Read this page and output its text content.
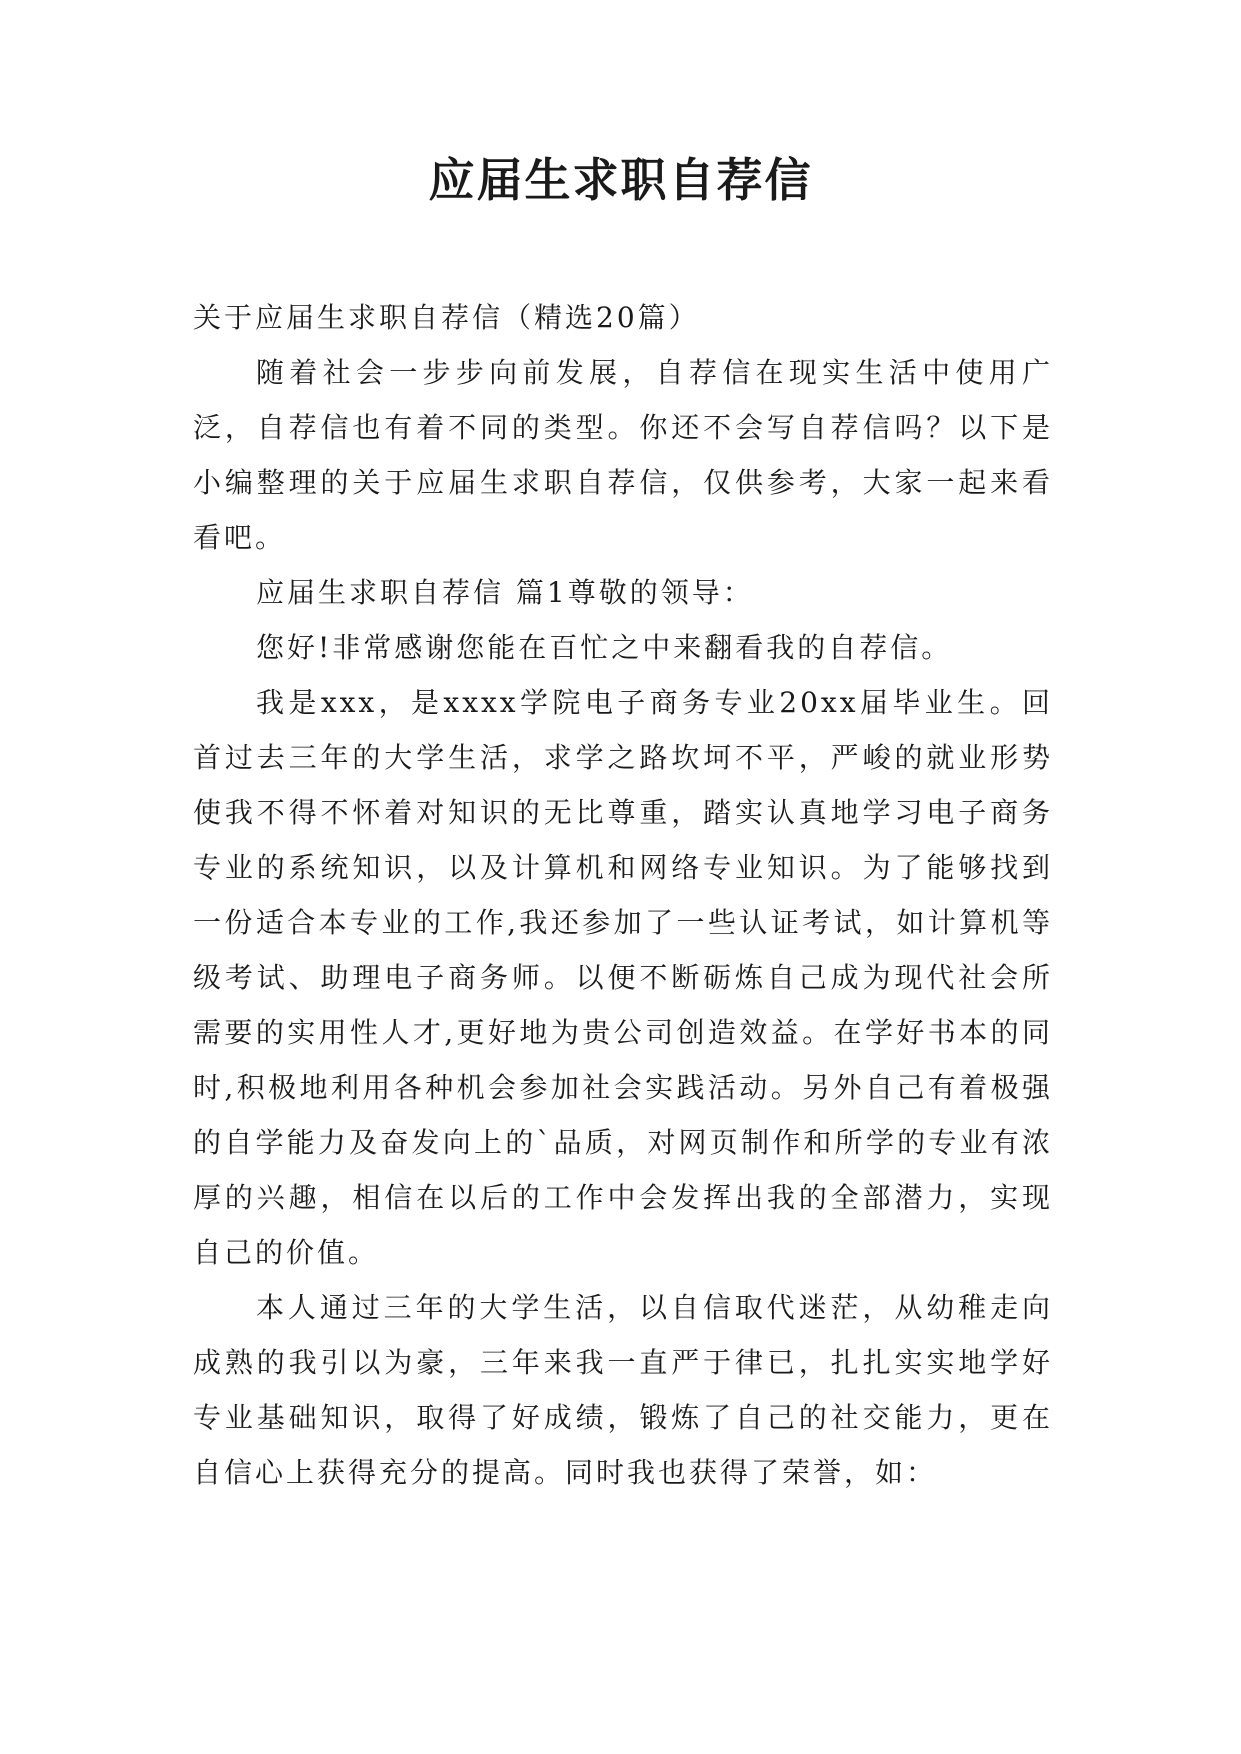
应届生求职自荐信

关于应届生求职自荐信（精选20篇）

随着社会一步步向前发展，自荐信在现实生活中使用广泛，自荐信也有着不同的类型。你还不会写自荐信吗？以下是小编整理的关于应届生求职自荐信，仅供参考，大家一起来看看吧。

应届生求职自荐信 篇1尊敬的领导：

您好!非常感谢您能在百忙之中来翻看我的自荐信。

我是xxx，是xxxx学院电子商务专业20xx届毕业生。回首过去三年的大学生活，求学之路坎坷不平，严峻的就业形势使我不得不怀着对知识的无比尊重，踏实认真地学习电子商务专业的系统知识，以及计算机和网络专业知识。为了能够找到一份适合本专业的工作,我还参加了一些认证考试，如计算机等级考试、助理电子商务师。以便不断砺炼自己成为现代社会所需要的实用性人才,更好地为贵公司创造效益。在学好书本的同时,积极地利用各种机会参加社会实践活动。另外自己有着极强的自学能力及奋发向上的`品质，对网页制作和所学的专业有浓厚的兴趣，相信在以后的工作中会发挥出我的全部潜力，实现自己的价值。

本人通过三年的大学生活，以自信取代迷茫，从幼稚走向成熟的我引以为豪，三年来我一直严于律已，扎扎实实地学好专业基础知识，取得了好成绩，锻炼了自己的社交能力，更在自信心上获得充分的提高。同时我也获得了荣誉，如：
